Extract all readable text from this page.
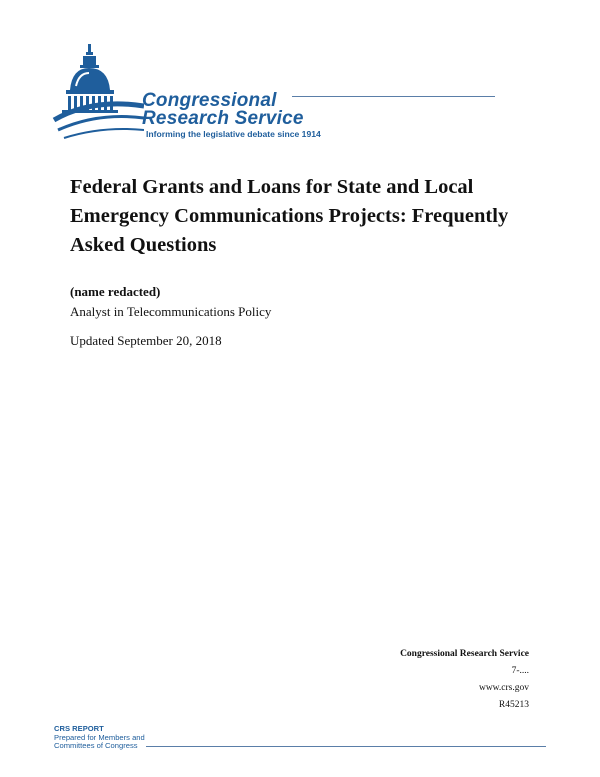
Congressional
Research Service
Informing the legislative debate since 1914
Federal Grants and Loans for State and Local Emergency Communications Projects: Frequently Asked Questions
(name redacted)
Analyst in Telecommunications Policy
Updated September 20, 2018
Congressional Research Service
7-....
www.crs.gov
R45213
CRS REPORT
Prepared for Members and
Committees of Congress
